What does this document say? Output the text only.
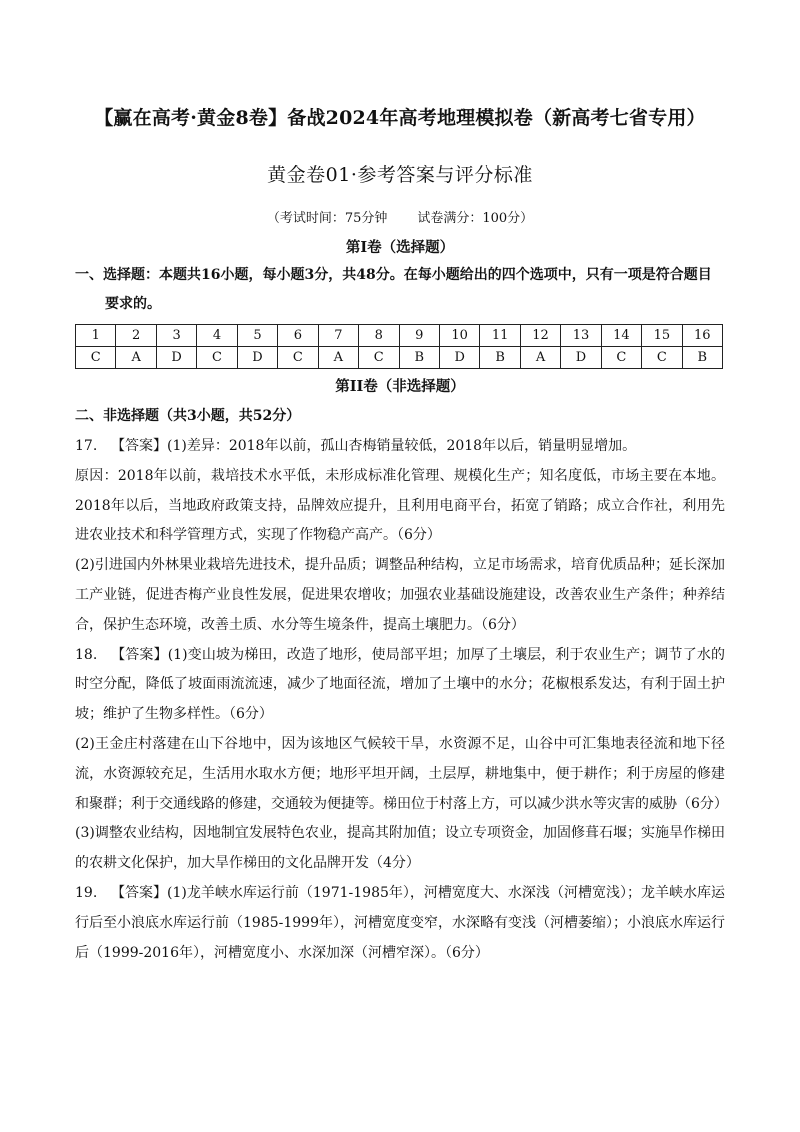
【赢在高考·黄金8卷】备战2024年高考地理模拟卷（新高考七省专用）
黄金卷01·参考答案与评分标准
（考试时间：75分钟 试卷满分：100分）
第I卷（选择题）
一、选择题：本题共16小题，每小题3分，共48分。在每小题给出的四个选项中，只有一项是符合题目
要求的。
1	2	3	4	5	6	7	8	9	10	11	12	13	14	15	16
C	A	D	C	D	C	A	C	B	D	B	A	D	C	C	B
第II卷（非选择题）
二、非选择题（共3小题，共52分）

17. 【答案】(1)差异：2018年以前，孤山杏梅销量较低，2018年以后，销量明显增加。

原因：2018年以前，栽培技术水平低，未形成标准化管理、规模化生产；知名度低，市场主要在本地。2018年以后，当地政府政策支持，品牌效应提升，且利用电商平台，拓宽了销路；成立合作社，利用先进农业技术和科学管理方式，实现了作物稳产高产。（6分）

(2)引进国内外林果业栽培先进技术，提升品质；调整品种结构，立足市场需求，培育优质品种；延长深加工产业链，促进杏梅产业良性发展，促进果农增收；加强农业基础设施建设，改善农业生产条件；种养结合，保护生态环境，改善土质、水分等生境条件，提高土壤肥力。（6分）

18. 【答案】(1)变山坡为梯田，改造了地形，使局部平坦；加厚了土壤层，利于农业生产；调节了水的时空分配，降低了坡面雨流流速，减少了地面径流，增加了土壤中的水分；花椒根系发达，有利于固土护坡；维护了生物多样性。（6分）

(2)王金庄村落建在山下谷地中，因为该地区气候较干旱，水资源不足，山谷中可汇集地表径流和地下径流，水资源较充足，生活用水取水方便；地形平坦开阔，土层厚，耕地集中，便于耕作；利于房屋的修建和聚群；利于交通线路的修建，交通较为便捷等。梯田位于村落上方，可以减少洪水等灾害的威胁（6分）

(3)调整农业结构，因地制宜发展特色农业，提高其附加值；设立专项资金，加固修葺石堰；实施旱作梯田的农耕文化保护，加大旱作梯田的文化品牌开发（4分）

19. 【答案】(1)龙羊峡水库运行前（1971-1985年），河槽宽度大、水深浅（河槽宽浅）；龙羊峡水库运行后至小浪底水库运行前（1985-1999年），河槽宽度变窄，水深略有变浅（河槽萎缩）；小浪底水库运行后（1999-2016年），河槽宽度小、水深加深（河槽窄深）。（6分）
